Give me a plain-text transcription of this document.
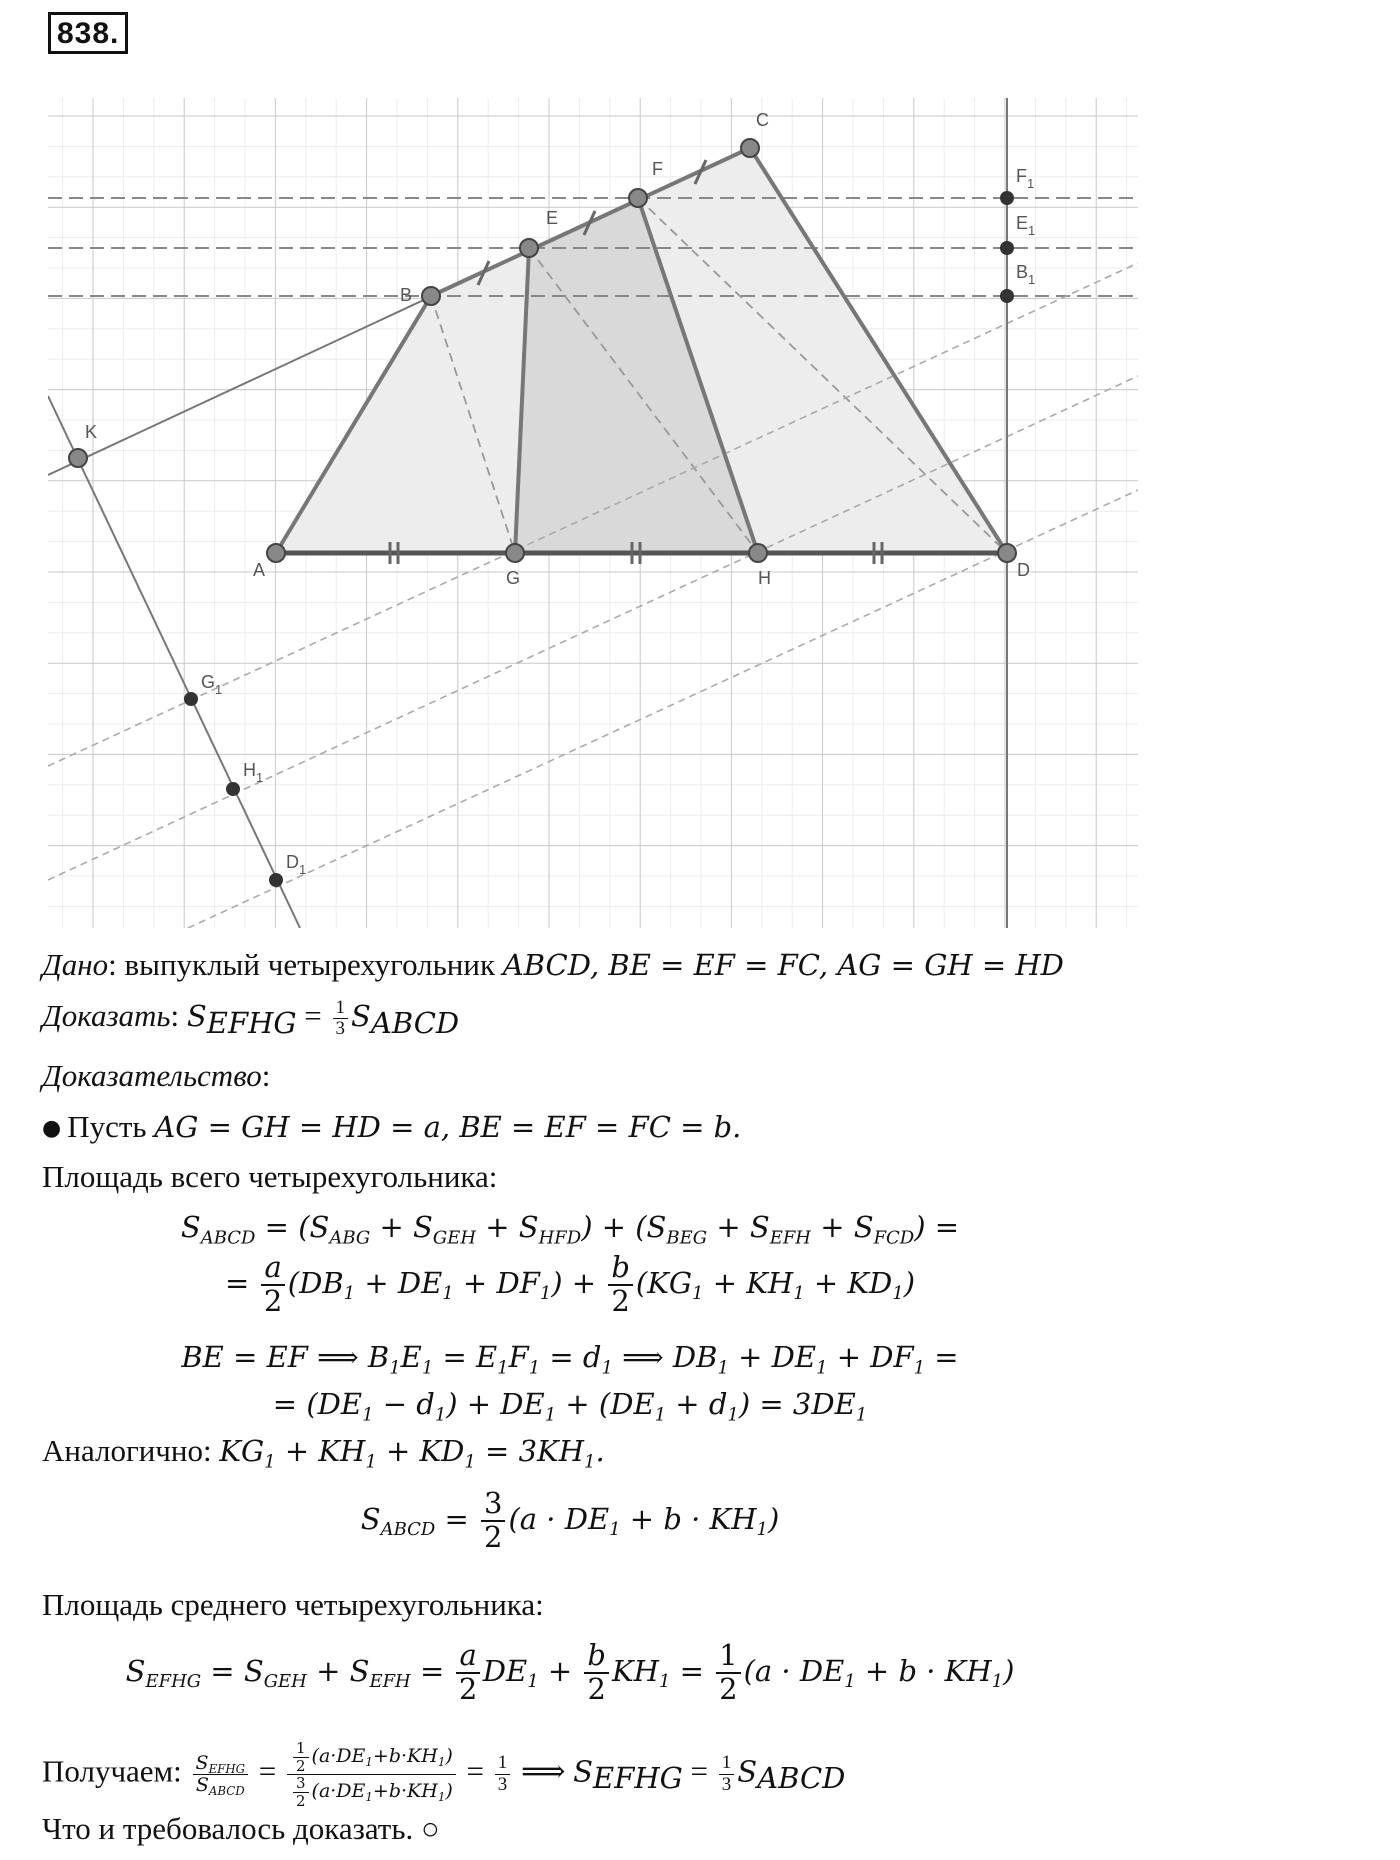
838.
A
B
C
D
E
F
G	H
K
$F_1$
$E_1$
$B_1$
$G_1$
$H_1$
$D_1$
Дано: выпуклый четырехугольник ABCD, BE = EF = FC, AG = GH = HD
Доказать: $S_{EFHG} = \frac{1}{3} S_{ABCD}$
Доказательство:
● Пусть AG = GH = HD = a, BE = EF = FC = b.
Площадь всего четырехугольника:
$S_{ABCD} = (S_{ABG} + S_{GEH} + S_{HFD}) + (S_{BEG} + S_{EFH} + S_{FCD})$ =
= $\frac{a}{2} (DB_1 + DE_1 + DF_1) + \frac{b}{2} (KG_1 + KH_1 + KD_1)$
BE = EF ⟹ $B_1E_1 = E_1F_1 = d_1$ ⟹ $DB_1 + DE_1 + DF_1$ =
= $(DE_1 - d_1) + DE_1 + (DE_1 + d_1) = 3DE_1$
Аналогично: $KG_1 + KH_1 + KD_1 = 3KH_1$.
$S_{ABCD} = \frac{3}{2} (a \cdot DE_1 + b \cdot KH_1)$
Площадь среднего четырехугольника:
$S_{EFHG} = S_{GEH} + S_{EFH} = \frac{a}{2} DE_1 + \frac{b}{2} KH_1 = \frac{1}{2} (a \cdot DE_1 + b \cdot KH_1)$
Получаем: $\frac{S_{EFHG}}{S_{ABCD}} = \frac{\frac{1}{2} (a\cdot DE_1+b\cdot KH_1)}{\frac{3}{2} (a\cdot DE_1+b\cdot KH_1)} = \frac{1}{3}$ ⟹ $S_{EFHG} = \frac{1}{3} S_{ABCD}$
Что и требовалось доказать. ○
